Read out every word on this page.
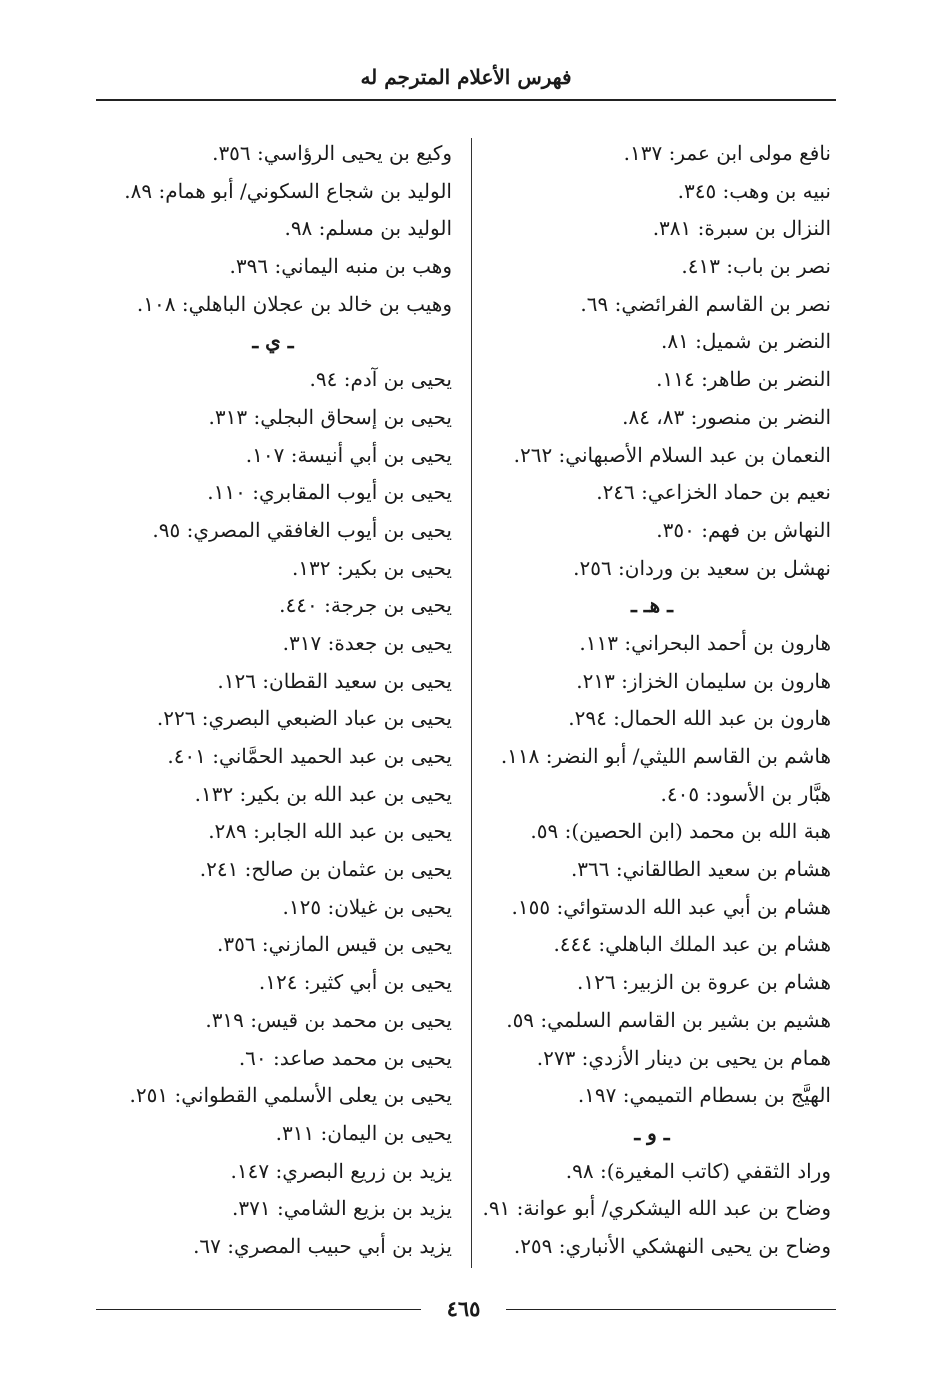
فهرس الأعلام المترجم له
نافع مولى ابن عمر: ١٣٧.
نبيه بن وهب: ٣٤٥.
النزال بن سبرة: ٣٨١.
نصر بن باب: ٤١٣.
نصر بن القاسم الفرائضي: ٦٩.
النضر بن شميل: ٨١.
النضر بن طاهر: ١١٤.
النضر بن منصور: ٨٣، ٨٤.
النعمان بن عبد السلام الأصبهاني: ٢٦٢.
نعيم بن حماد الخزاعي: ٢٤٦.
النهاش بن فهم: ٣٥٠.
نهشل بن سعيد بن وردان: ٢٥٦.
ـ هـ ـ
هارون بن أحمد البحراني: ١١٣.
هارون بن سليمان الخزاز: ٢١٣.
هارون بن عبد الله الحمال: ٢٩٤.
هاشم بن القاسم الليثي/ أبو النضر: ١١٨.
هبَّار بن الأسود: ٤٠٥.
هبة الله بن محمد (ابن الحصين): ٥٩.
هشام بن سعيد الطالقاني: ٣٦٦.
هشام بن أبي عبد الله الدستوائي: ١٥٥.
هشام بن عبد الملك الباهلي: ٤٤٤.
هشام بن عروة بن الزبير: ١٢٦.
هشيم بن بشير بن القاسم السلمي: ٥٩.
همام بن يحيى بن دينار الأزدي: ٢٧٣.
الهيَّج بن بسطام التميمي: ١٩٧.
ـ و ـ
وراد الثقفي (كاتب المغيرة): ٩٨.
وضاح بن عبد الله اليشكري/ أبو عوانة: ٩١.
وضاح بن يحيى النهشكي الأنباري: ٢٥٩.
وكيع بن يحيى الرؤاسي: ٣٥٦.
الوليد بن شجاع السكوني/ أبو همام: ٨٩.
الوليد بن مسلم: ٩٨.
وهب بن منبه اليماني: ٣٩٦.
وهيب بن خالد بن عجلان الباهلي: ١٠٨.
ـ ي ـ
يحيى بن آدم: ٩٤.
يحيى بن إسحاق البجلي: ٣١٣.
يحيى بن أبي أنيسة: ١٠٧.
يحيى بن أيوب المقابري: ١١٠.
يحيى بن أيوب الغافقي المصري: ٩٥.
يحيى بن بكير: ١٣٢.
يحيى بن جرجة: ٤٤٠.
يحيى بن جعدة: ٣١٧.
يحيى بن سعيد القطان: ١٢٦.
يحيى بن عباد الضبعي البصري: ٢٢٦.
يحيى بن عبد الحميد الحمَّاني: ٤٠١.
يحيى بن عبد الله بن بكير: ١٣٢.
يحيى بن عبد الله الجابر: ٢٨٩.
يحيى بن عثمان بن صالح: ٢٤١.
يحيى بن غيلان: ١٢٥.
يحيى بن قيس المازني: ٣٥٦.
يحيى بن أبي كثير: ١٢٤.
يحيى بن محمد بن قيس: ٣١٩.
يحيى بن محمد صاعد: ٦٠.
يحيى بن يعلى الأسلمي القطواني: ٢٥١.
يحيى بن اليمان: ٣١١.
يزيد بن زريع البصري: ١٤٧.
يزيد بن بزيع الشامي: ٣٧١.
يزيد بن أبي حبيب المصري: ٦٧.
٤٦٥
